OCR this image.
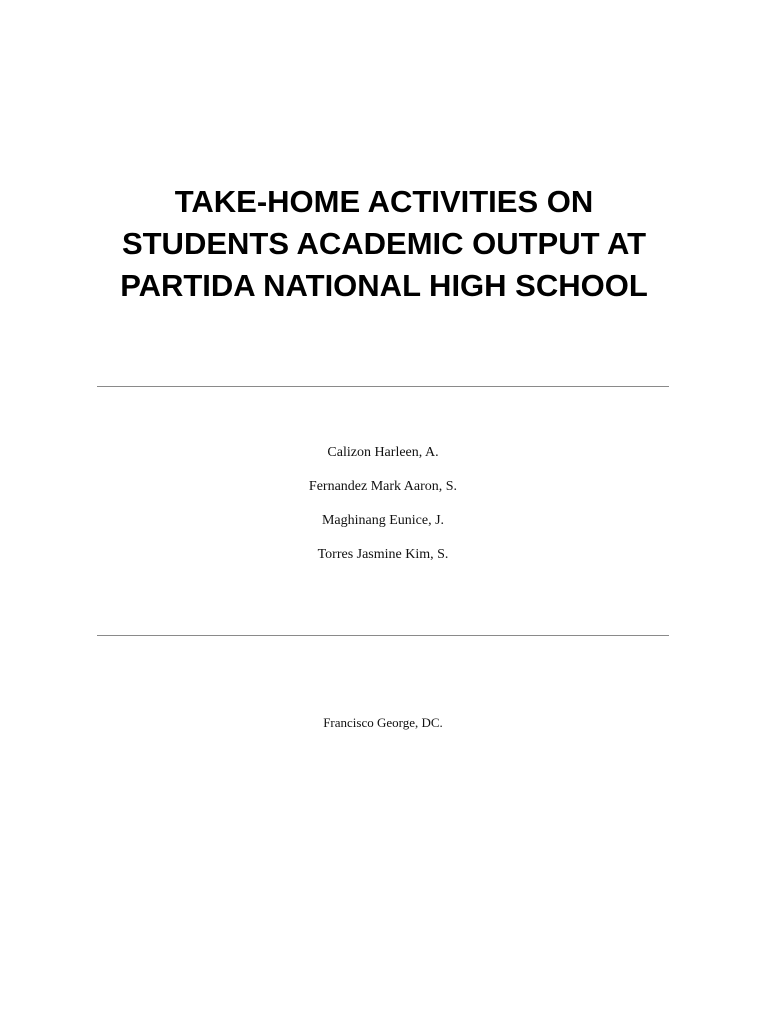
TAKE-HOME ACTIVITIES ON
STUDENTS ACADEMIC OUTPUT AT
PARTIDA NATIONAL HIGH SCHOOL
Calizon Harleen, A.
Fernandez Mark Aaron, S.
Maghinang Eunice, J.
Torres Jasmine Kim, S.
Francisco George, DC.
